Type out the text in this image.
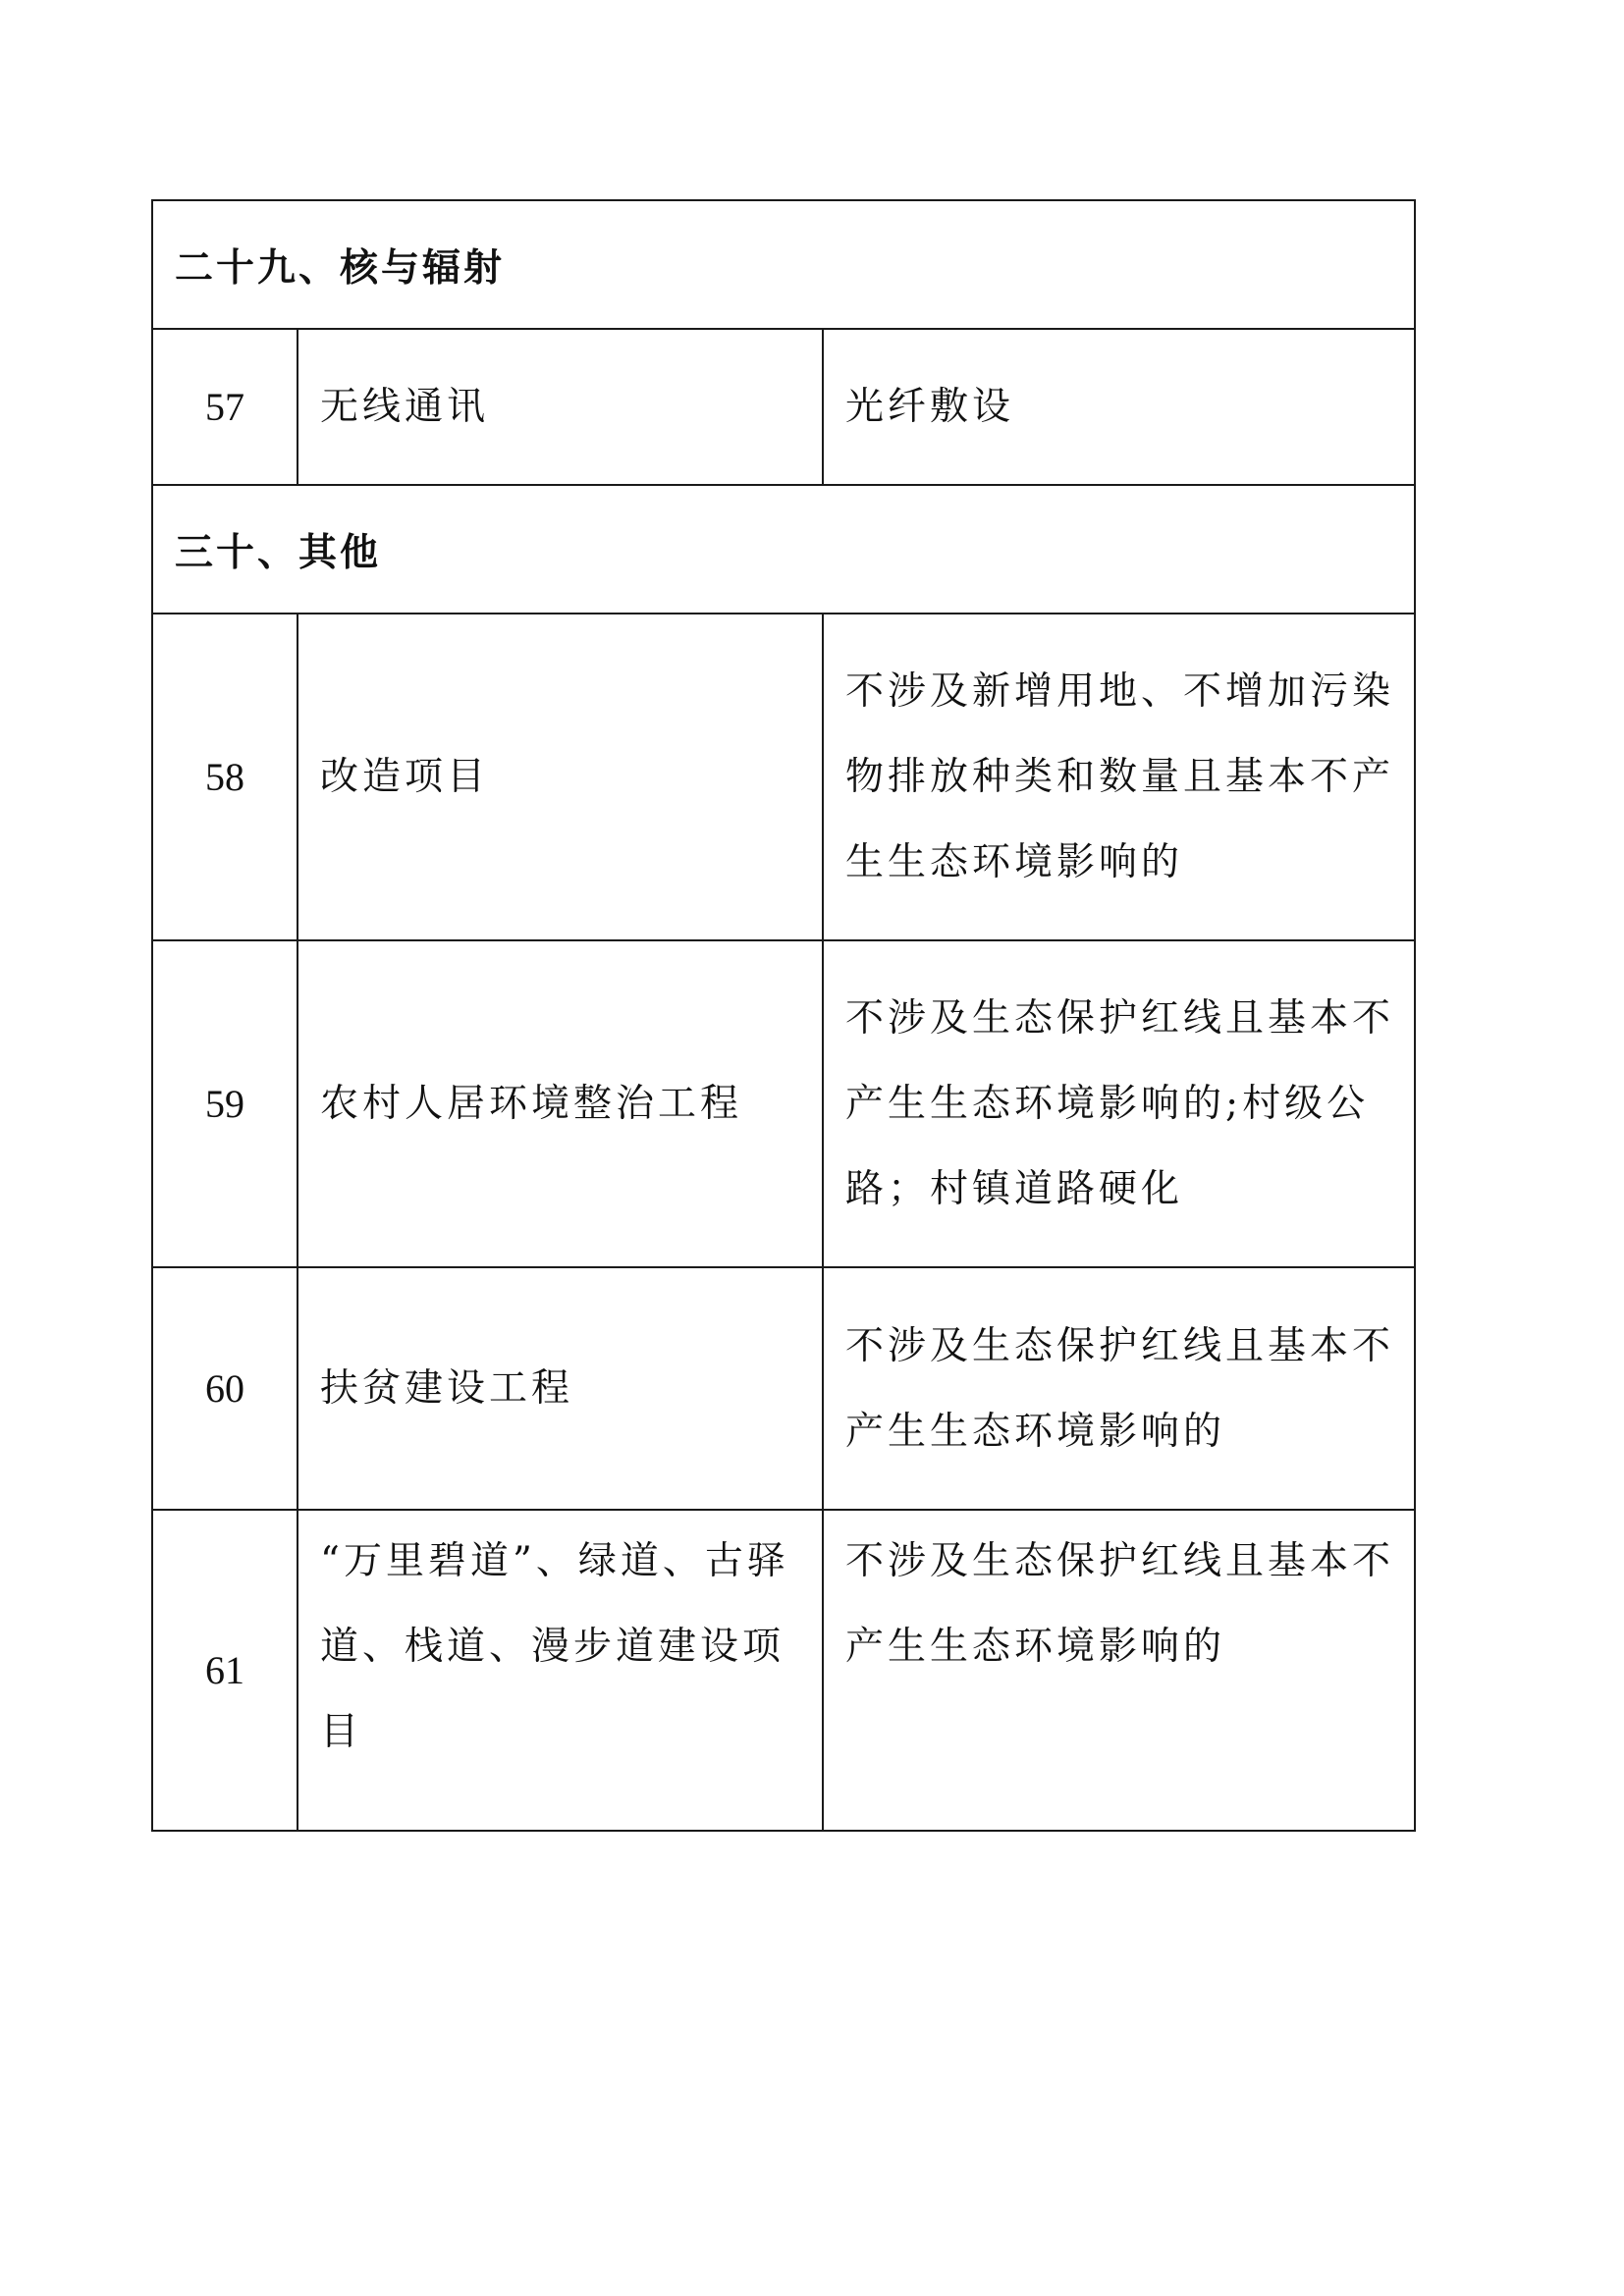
二十九、核与辐射		
57	无线通讯	光纤敷设
三十、其他		
58	改造项目	不涉及新增用地、不增加污染物排放种类和数量且基本不产生生态环境影响的
59	农村人居环境整治工程	不涉及生态保护红线且基本不产生生态环境影响的;村级公路；村镇道路硬化
60	扶贫建设工程	不涉及生态保护红线且基本不产生生态环境影响的
61	“万里碧道”、绿道、古驿道、栈道、漫步道建设项目	不涉及生态保护红线且基本不产生生态环境影响的
